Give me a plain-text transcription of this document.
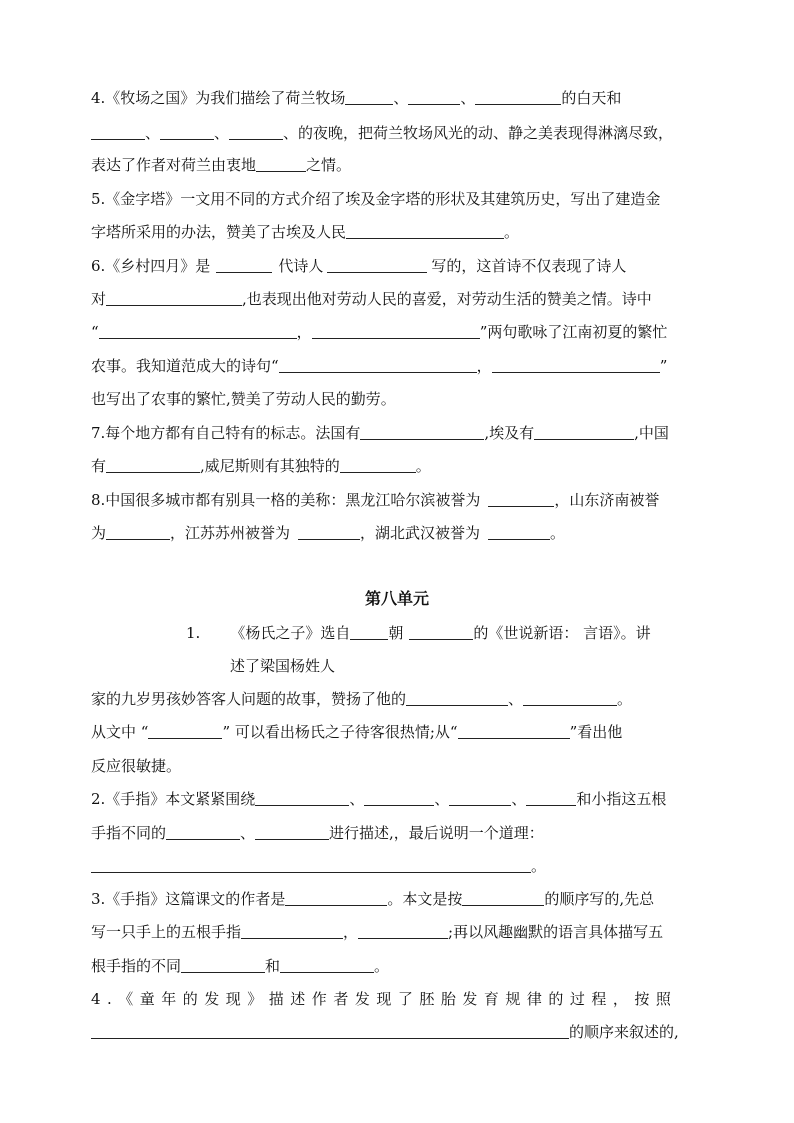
4.《牧场之国》为我们描绘了荷兰牧场	、	、	的白天和
、	、	、的夜晚，把荷兰牧场风光的动、静之美表现得淋漓尽致，
表达了作者对荷兰由衷地	之情。
5.《金字塔》一文用不同的方式介绍了埃及金字塔的形状及其建筑历史，写出了建造金
字塔所采用的办法，赞美了古埃及人民	。
6.《乡村四月》是	代诗人	写的，这首诗不仅表现了诗人
对	,也表现出他对劳动人民的喜爱，对劳动生活的赞美之情。诗中
“	，	”两句歌咏了江南初夏的繁忙
农事。我知道范成大的诗句“	，	”
也写出了农事的繁忙,赞美了劳动人民的勤劳。
7.每个地方都有自己特有的标志。法国有	,埃及有	,中国
有	,威尼斯则有其独特的	。
8.中国很多城市都有别具一格的美称：黑龙江哈尔滨被誉为	，山东济南被誉
为	，江苏苏州被誉为	，湖北武汉被誉为	。
第八单元
1. 《杨氏之子》选自	朝	的《世说新语： 言语》。讲
述了梁国杨姓人
家的九岁男孩妙答客人问题的故事，赞扬了他的	、	。
从文中 “	” 可以看出杨氏之子待客很热情;从“	”看出他
反应很敏捷。
2.《手指》本文紧紧围绕	、	、	、	和小指这五根
手指不同的	、	进行描述,，最后说明一个道理：
。
3.《手指》这篇课文的作者是	。本文是按	的顺序写的,先总
写一只手上的五根手指	，	;再以风趣幽默的语言具体描写五
根手指的不同	和	。
4.《童年的发现》描述作者发现了胚胎发育规律的过程，按照
的顺序来叙述的,
